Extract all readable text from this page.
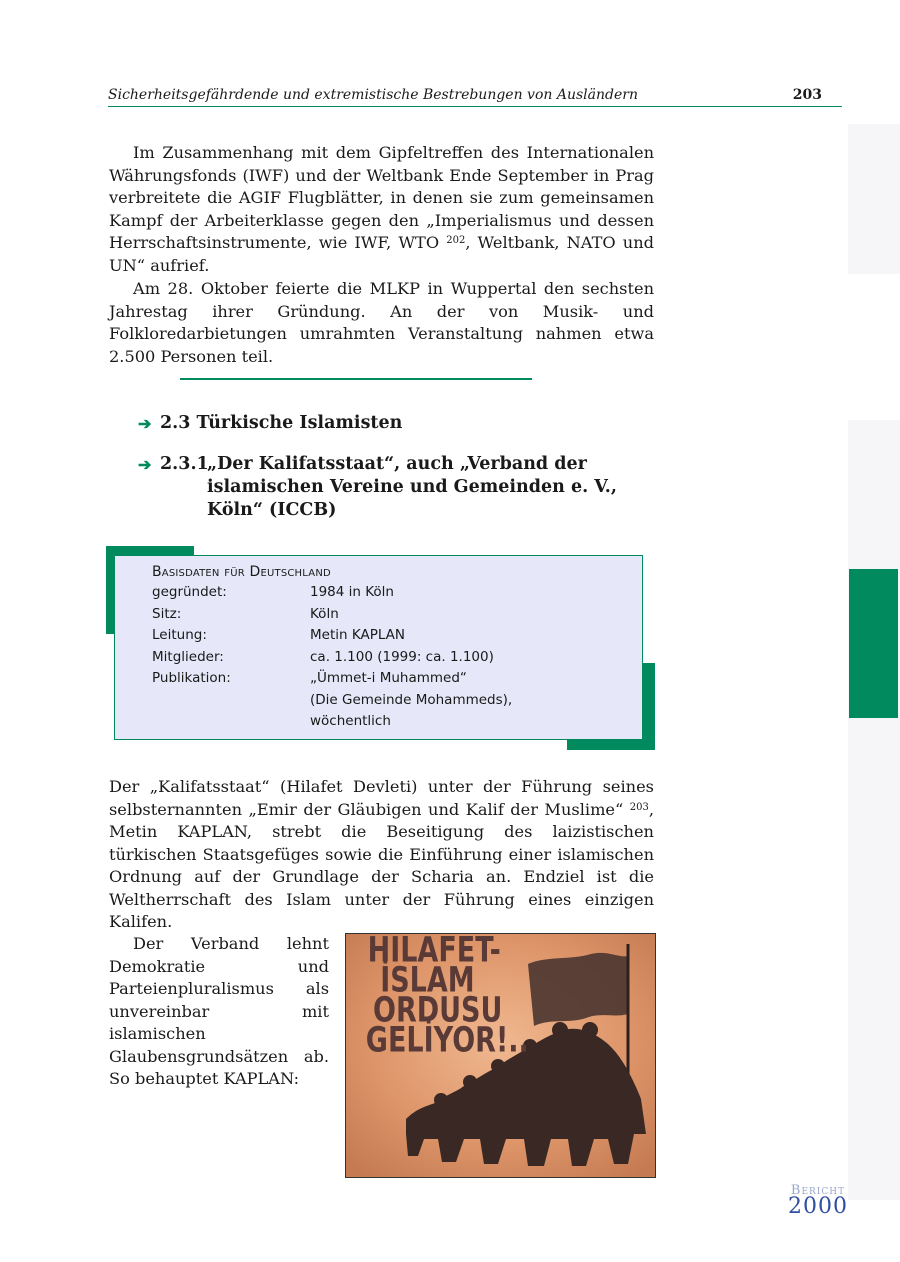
Sicherheitsgefährdende und extremistische Bestrebungen von Ausländern	203

Im Zusammenhang mit dem Gipfeltreffen des Internationalen Währungsfonds (IWF) und der Weltbank Ende September in Prag verbreitete die AGIF Flugblätter, in denen sie zum gemeinsamen Kampf der Arbeiterklasse gegen den „Imperialismus und dessen Herrschaftsinstrumente, wie IWF, WTO $^{202}$, Weltbank, NATO und UN“ aufrief.

Am 28. Oktober feierte die MLKP in Wuppertal den sechsten Jahrestag ihrer Gründung. An der von Musik- und Folkloredarbietungen umrahmten Veranstaltung nahmen etwa 2.500 Personen teil.

➔ 2.3 Türkische Islamisten
➔ 2.3.1
„Der Kalifatsstaat“, auch „Verband der islamischen Vereine und Gemeinden e. V., Köln“ (ICCB)
Basisdaten für Deutschland
gegründet:	1984 in Köln
Sitz:	Köln
Leitung:	Metin KAPLAN
Mitglieder:	ca. 1.100 (1999: ca. 1.100)
Publikation:	„Ümmet-i Muhammed“
(Die Gemeinde Mohammeds),
wöchentlich

Der „Kalifatsstaat“ (Hilafet Devleti) unter der Führung seines selbsternannten „Emir der Gläubigen und Kalif der Muslime“ $^{203}$, Metin KAPLAN, strebt die Beseitigung des laizistischen türkischen Staatsgefüges sowie die Einführung einer islamischen Ordnung auf der Grundlage der Scharia an. Endziel ist die Weltherrschaft des Islam unter der Führung eines einzigen Kalifen.

Der Verband lehnt Demokratie und Parteienpluralismus als unvereinbar mit islamischen Glaubensgrundsätzen ab. So behauptet KAPLAN:

HILAFET-
İSLAM
ORDUSU
GELİYOR!..
Bericht
2000
